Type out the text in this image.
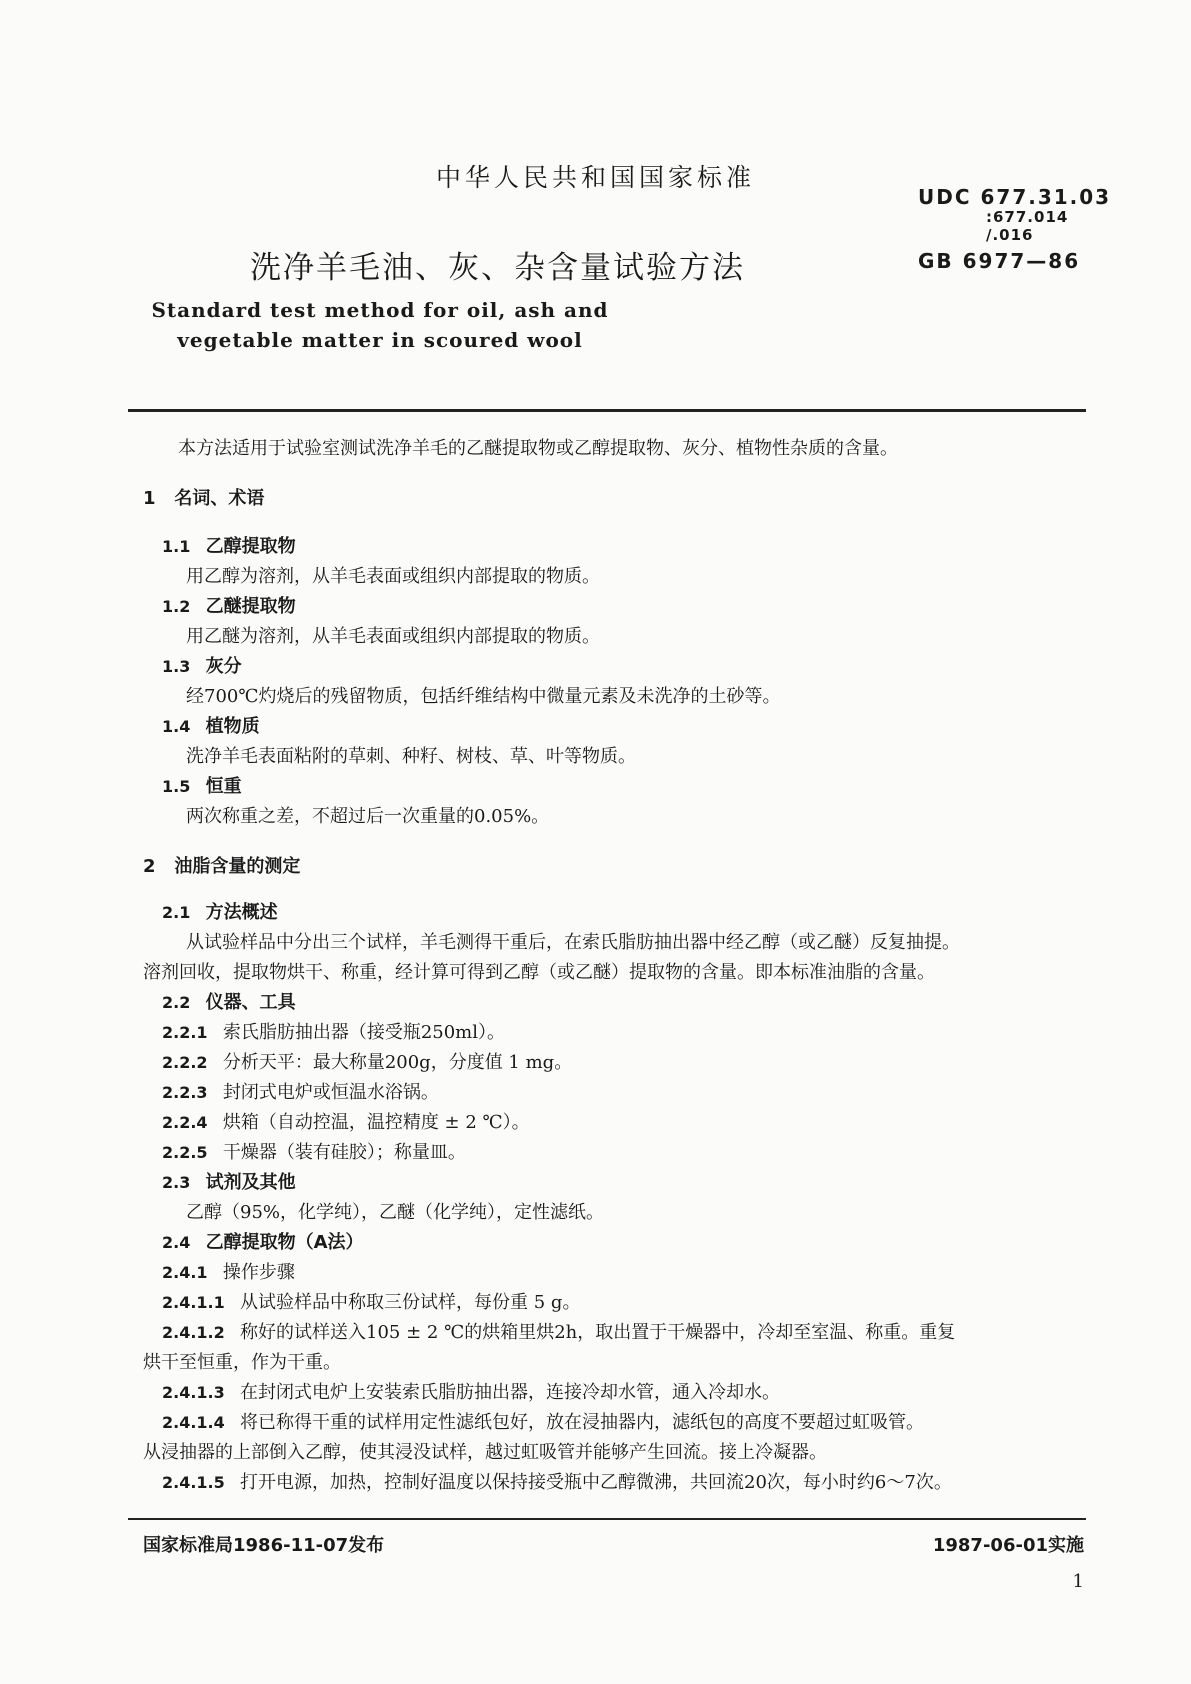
中华人民共和国国家标准
UDC 677.31.03
:677.014
/.016
洗净羊毛油、灰、杂含量试验方法	GB 6977—86
Standard test method for oil, ash and
vegetable matter in scoured wool
本方法适用于试验室测试洗净羊毛的乙醚提取物或乙醇提取物、灰分、植物性杂质的含量。
1 名词、术语
1.1 乙醇提取物
用乙醇为溶剂，从羊毛表面或组织内部提取的物质。
1.2 乙醚提取物
用乙醚为溶剂，从羊毛表面或组织内部提取的物质。
1.3 灰分
经700℃灼烧后的残留物质，包括纤维结构中微量元素及未洗净的土砂等。
1.4 植物质
洗净羊毛表面粘附的草刺、种籽、树枝、草、叶等物质。
1.5 恒重
两次称重之差，不超过后一次重量的0.05%。
2 油脂含量的测定
2.1 方法概述
从试验样品中分出三个试样，羊毛测得干重后，在索氏脂肪抽出器中经乙醇（或乙醚）反复抽提。
溶剂回收，提取物烘干、称重，经计算可得到乙醇（或乙醚）提取物的含量。即本标准油脂的含量。
2.2 仪器、工具
2.2.1 索氏脂肪抽出器（接受瓶250ml）。
2.2.2 分析天平：最大称量200g，分度值 1 mg。
2.2.3 封闭式电炉或恒温水浴锅。
2.2.4 烘箱（自动控温，温控精度 ± 2 ℃）。
2.2.5 干燥器（装有硅胶）；称量皿。
2.3 试剂及其他
乙醇（95%，化学纯），乙醚（化学纯），定性滤纸。
2.4 乙醇提取物（A法）
2.4.1 操作步骤
2.4.1.1 从试验样品中称取三份试样，每份重 5 g。
2.4.1.2 称好的试样送入105 ± 2 ℃的烘箱里烘2h，取出置于干燥器中，冷却至室温、称重。重复
烘干至恒重，作为干重。
2.4.1.3 在封闭式电炉上安装索氏脂肪抽出器，连接冷却水管，通入冷却水。
2.4.1.4 将已称得干重的试样用定性滤纸包好，放在浸抽器内，滤纸包的高度不要超过虹吸管。
从浸抽器的上部倒入乙醇，使其浸没试样，越过虹吸管并能够产生回流。接上冷凝器。
2.4.1.5 打开电源，加热，控制好温度以保持接受瓶中乙醇微沸，共回流20次，每小时约6～7次。
国家标准局1986-11-07发布	1987-06-01实施
1
